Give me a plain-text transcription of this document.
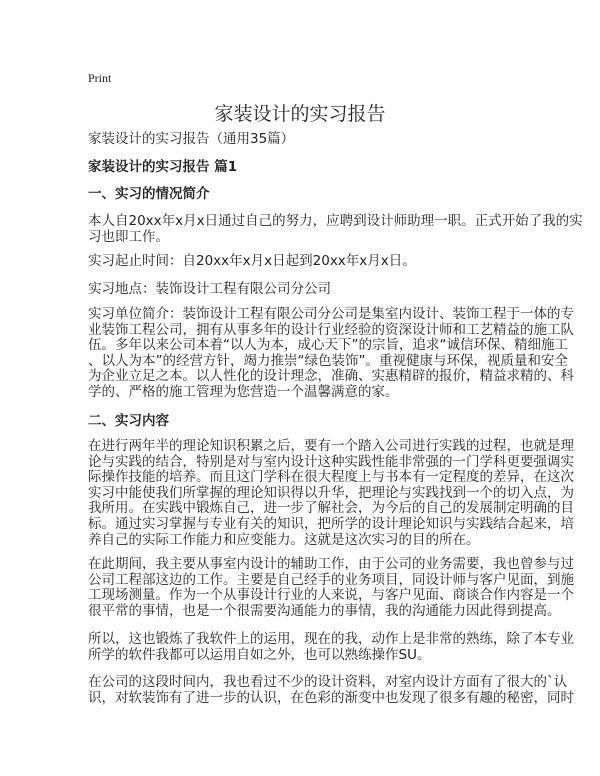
Print
家装设计的实习报告
家装设计的实习报告（通用35篇）
家装设计的实习报告 篇1
一、实习的情况简介
本人自20xx年x月x日通过自己的努力，应聘到设计师助理一职。正式开始了我的实
习也即工作。
实习起止时间：自20xx年x月x日起到20xx年x月x日。
实习地点：装饰设计工程有限公司分公司
实习单位简介：装饰设计工程有限公司分公司是集室内设计、装饰工程于一体的专
业装饰工程公司，拥有从事多年的设计行业经验的资深设计师和工艺精益的施工队
伍。多年以来公司本着“以人为本，成心天下”的宗旨，追求“诚信环保、精细施工
、以人为本”的经营方针，竭力推崇“绿色装饰”。重视健康与环保，视质量和安全
为企业立足之本。以人性化的设计理念，准确、实惠精辟的报价，精益求精的、科
学的、严格的施工管理为您营造一个温馨满意的家。
二、实习内容
在进行两年半的理论知识积累之后，要有一个踏入公司进行实践的过程，也就是理
论与实践的结合，特别是对与室内设计这种实践性能非常强的一门学科更要强调实
际操作技能的培养。而且这门学科在很大程度上与书本有一定程度的差异，在这次
实习中能使我们所掌握的理论知识得以升华，把理论与实践找到一个的切入点，为
我所用。在实践中锻炼自己，进一步了解社会，为今后的自己的发展制定明确的目
标。通过实习掌握与专业有关的知识，把所学的设计理论知识与实践结合起来，培
养自己的实际工作能力和应变能力。这就是这次实习的目的所在。
在此期间，我主要从事室内设计的辅助工作，由于公司的业务需要，我也曾参与过
公司工程部这边的工作。主要是自己经手的业务项目，同设计师与客户见面，到施
工现场测量。作为一个从事设计行业的人来说，与客户见面、商谈合作内容是一个
很平常的事情，也是一个很需要沟通能力的事情，我的沟通能力因此得到提高。
所以，这也锻炼了我软件上的运用，现在的我，动作上是非常的熟练，除了本专业
所学的软件我都可以运用自如之外，也可以熟练操作SU。
在公司的这段时间内，我也看过不少的设计资料，对室内设计方面有了很大的`认
识，对软装饰有了进一步的认识，在色彩的渐变中也发现了很多有趣的秘密，同时
